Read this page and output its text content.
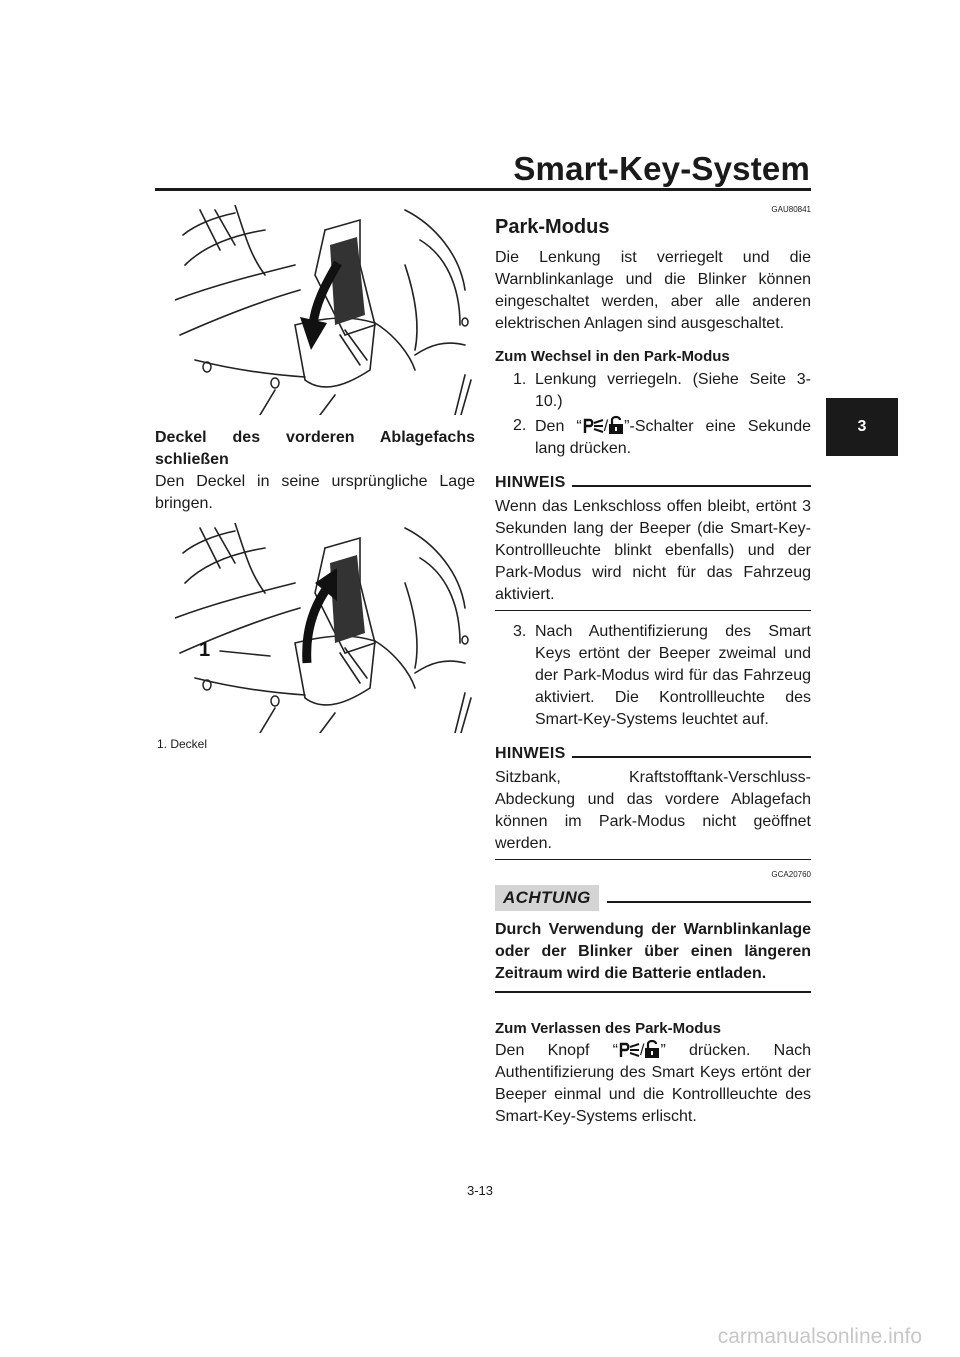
Smart-Key-System
3
Deckel des vorderen Ablagefachs schließen

Den Deckel in seine ursprüngliche Lage bringen.

1
1. Deckel
GAU80841
Park-Modus

Die Lenkung ist verriegelt und die Warnblinkanlage und die Blinker können eingeschaltet werden, aber alle anderen elektrischen Anlagen sind ausgeschaltet.

Zum Wechsel in den Park-Modus
1. Lenkung verriegeln. (Siehe Seite 3-10.)
2. Den “ / ”-Schalter eine Sekunde lang drücken.
HINWEIS

Wenn das Lenkschloss offen bleibt, ertönt 3 Sekunden lang der Beeper (die Smart-Key-Kontrollleuchte blinkt ebenfalls) und der Park-Modus wird nicht für das Fahrzeug aktiviert.

3. Nach Authentifizierung des Smart Keys ertönt der Beeper zweimal und der Park-Modus wird für das Fahrzeug aktiviert. Die Kontrollleuchte des Smart-Key-Systems leuchtet auf.
HINWEIS

Sitzbank, Kraftstofftank-Verschluss-Abdeckung und das vordere Ablagefach können im Park-Modus nicht geöffnet werden.

GCA20760
ACHTUNG
Durch Verwendung der Warnblinkanlage oder der Blinker über einen längeren Zeitraum wird die Batterie entladen.
Zum Verlassen des Park-Modus

Den Knopf “ / ” drücken. Nach Authentifizierung des Smart Keys ertönt der Beeper einmal und die Kontrollleuchte des Smart-Key-Systems erlischt.

3-13
carmanualsonline.info
